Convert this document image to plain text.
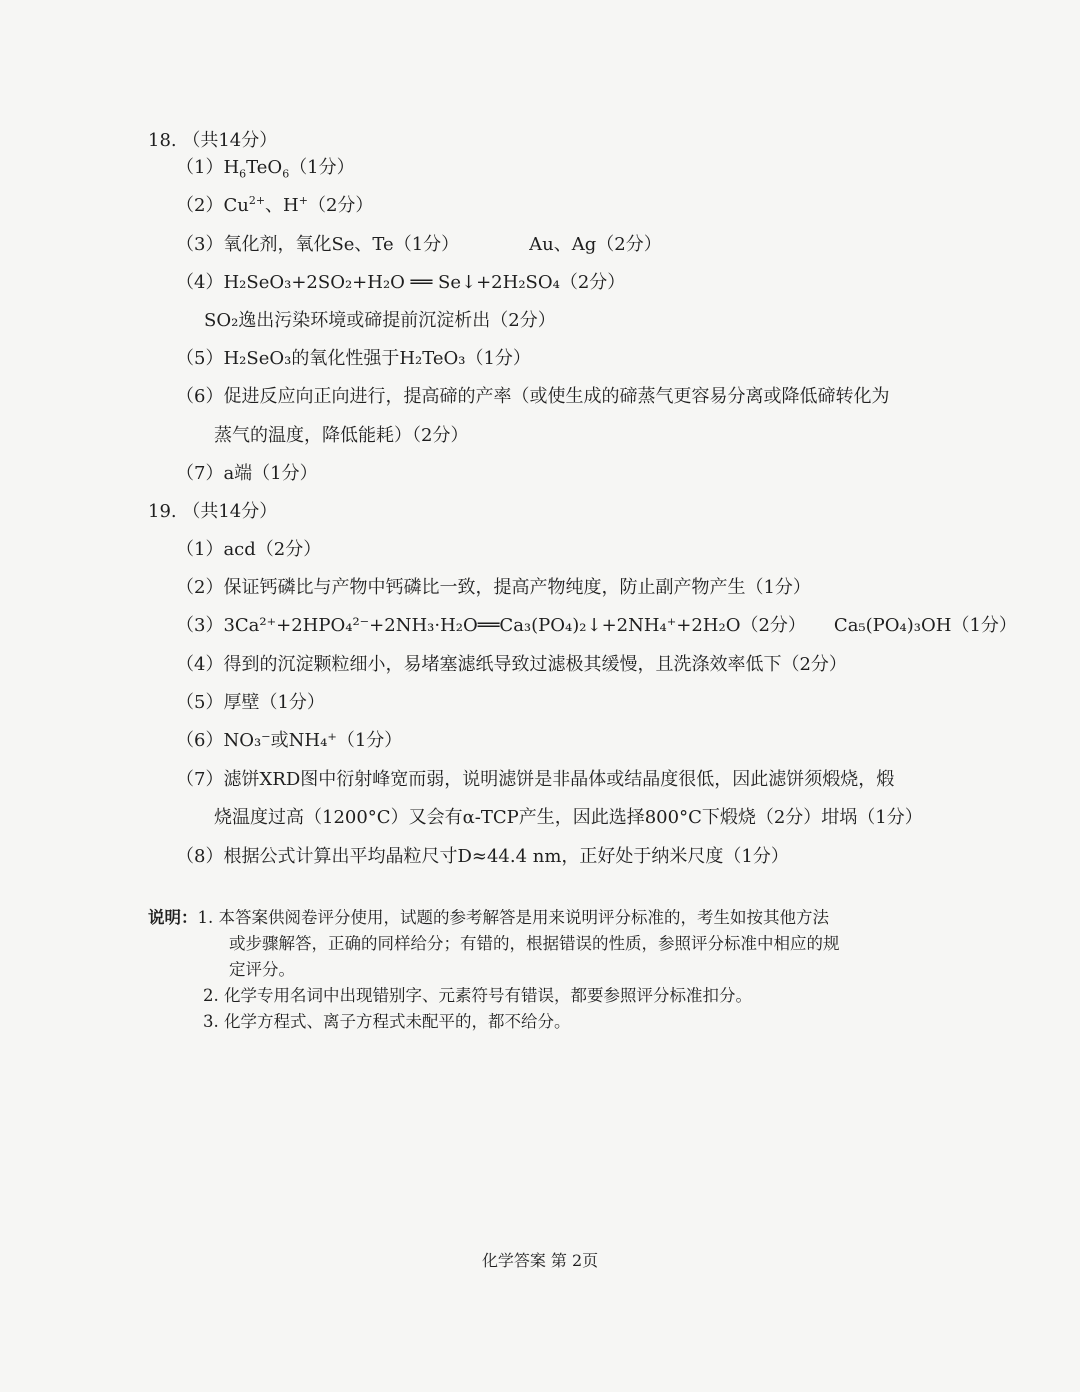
18. （共14分）
$(1)H_6TeO_6(1$分）
$(2)Cu^{2+}$、H+（2分）
（3）氧化剂，氧化Se、Te（1分）	Au、Ag（2分）
（4）H₂SeO₃+2SO₂+H₂O ══ Se↓+2H₂SO₄（2分）
SO₂逸出污染环境或碲提前沉淀析出（2分）
（5）H₂SeO₃的氧化性强于H₂TeO₃（1分）
（6）促进反应向正向进行，提高碲的产率（或使生成的碲蒸气更容易分离或降低碲转化为
蒸气的温度，降低能耗）（2分）
（7）a端（1分）
19. （共14分）
（1）acd（2分）
（2）保证钙磷比与产物中钙磷比一致，提高产物纯度，防止副产物产生（1分）
（3）3Ca²⁺+2HPO₄²⁻+2NH₃·H₂O══Ca₃(PO₄)₂↓+2NH₄⁺+2H₂O（2分） Ca₅(PO₄)₃OH（1分）
（4）得到的沉淀颗粒细小，易堵塞滤纸导致过滤极其缓慢，且洗涤效率低下（2分）
（5）厚壁（1分）
（6）NO₃⁻或NH₄⁺（1分）
（7）滤饼XRD图中衍射峰宽而弱，说明滤饼是非晶体或结晶度很低，因此滤饼须煅烧，煅
烧温度过高（1200°C）又会有α-TCP产生，因此选择800°C下煅烧（2分）坩埚（1分）
（8）根据公式计算出平均晶粒尺寸D≈44.4 nm，正好处于纳米尺度（1分）
说明：1. 本答案供阅卷评分使用，试题的参考解答是用来说明评分标准的，考生如按其他方法
或步骤解答，正确的同样给分；有错的，根据错误的性质，参照评分标准中相应的规
定评分。
2. 化学专用名词中出现错别字、元素符号有错误，都要参照评分标准扣分。
3. 化学方程式、离子方程式未配平的，都不给分。
化学答案 第 2页
